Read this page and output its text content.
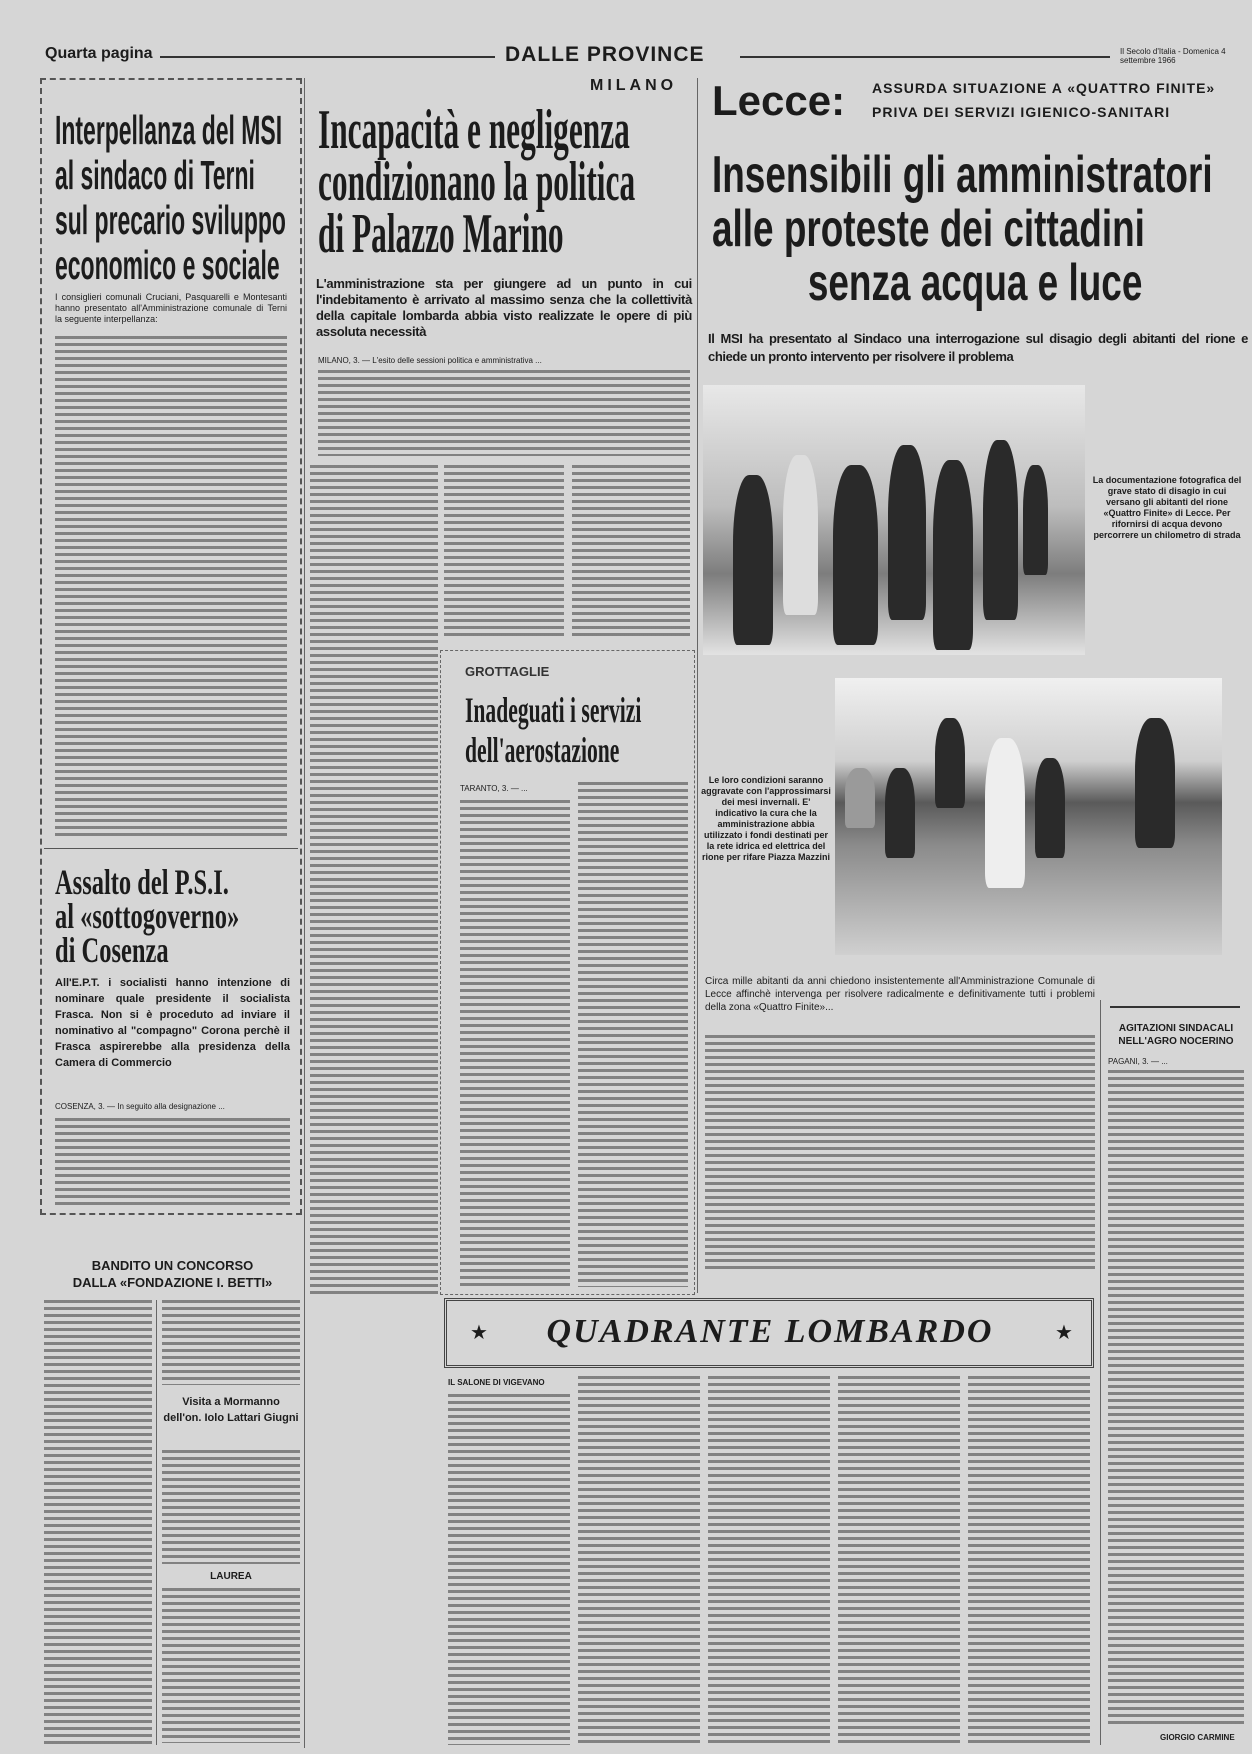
Quarta pagina	DALLE PROVINCE	Il Secolo d'Italia - Domenica 4 settembre 1966
Interpellanza del MSI
al sindaco di Terni
sul precario sviluppo
economico e sociale
I consiglieri comunali Cruciani, Pasquarelli e Montesanti hanno presentato all'Amministrazione comunale di Terni la seguente interpellanza:
Assalto del P.S.I.
al «sottogoverno»
di Cosenza
All'E.P.T. i socialisti hanno intenzione di nominare quale presidente il socialista Frasca. Non si è proceduto ad inviare il nominativo al "compagno" Corona perchè il Frasca aspirerebbe alla presidenza della Camera di Commercio
COSENZA, 3. — In seguito alla designazione ...
BANDITO UN CONCORSO
DALLA «FONDAZIONE I. BETTI»
Visita a Mormanno
dell'on. Iolo Lattari Giugni
LAUREA
MILANO
Incapacità e negligenza
condizionano la politica
di Palazzo Marino
L'amministrazione sta per giungere ad un punto in cui l'indebitamento è arrivato al massimo senza che la collettività della capitale lombarda abbia visto realizzate le opere di più assoluta necessità
MILANO, 3. — L'esito delle sessioni politica e amministrativa ...
GROTTAGLIE
Inadeguati i servizi
dell'aerostazione
TARANTO, 3. — ...
Lecce: ASSURDA SITUAZIONE A «QUATTRO FINITE»
PRIVA DEI SERVIZI IGIENICO-SANITARI
Insensibili gli amministratori
alle proteste dei cittadini
senza acqua e luce
Il MSI ha presentato al Sindaco una interrogazione sul disagio degli abitanti del rione e chiede un pronto intervento per risolvere il problema
La documentazione fotografica del grave stato di disagio in cui versano gli abitanti del rione «Quattro Finite» di Lecce. Per rifornirsi di acqua devono percorrere un chilometro di strada
Le loro condizioni saranno aggravate con l'approssimarsi dei mesi invernali. E' indicativo la cura che la amministrazione abbia utilizzato i fondi destinati per la rete idrica ed elettrica del rione per rifare Piazza Mazzini
Circa mille abitanti da anni chiedono insistentemente all'Amministrazione Comunale di Lecce affinchè intervenga per risolvere radicalmente e definitivamente tutti i problemi della zona «Quattro Finite»...
AGITAZIONI SINDACALI
NELL'AGRO NOCERINO
PAGANI, 3. — ...
GIORGIO CARMINE
★	★
QUADRANTE LOMBARDO
IL SALONE DI VIGEVANO
